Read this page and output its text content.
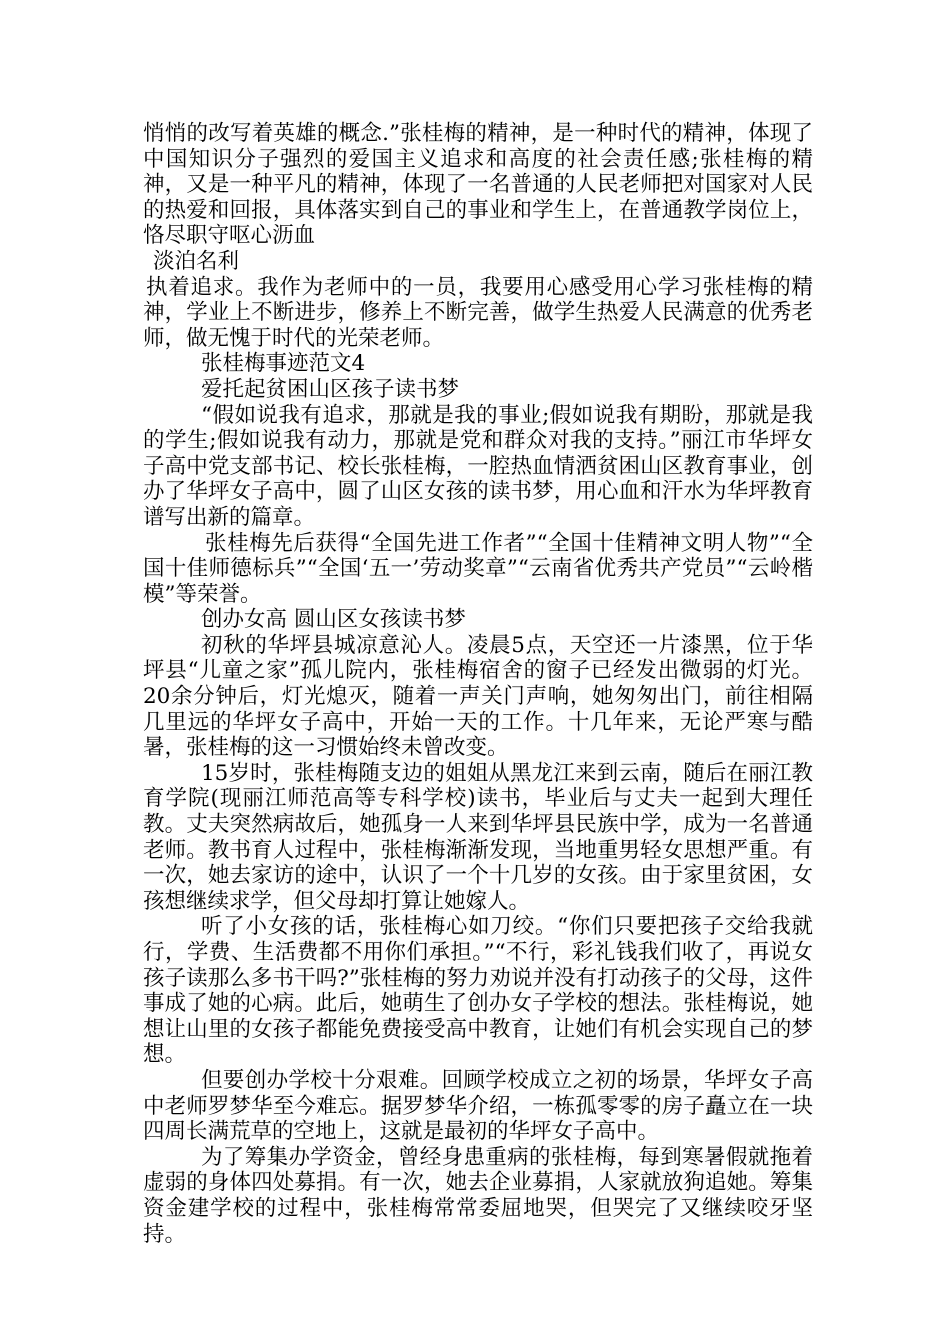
悄悄的改写着英雄的概念.”张桂梅的精神，是一种时代的精神，体现了中国知识分子强烈的爱国主义追求和高度的社会责任感;张桂梅的精神，又是一种平凡的精神，体现了一名普通的人民老师把对国家对人民的热爱和回报，具体落实到自己的事业和学生上，在普通教学岗位上，恪尽职守呕心沥血

淡泊名利

执着追求。我作为老师中的一员，我要用心感受用心学习张桂梅的精神，学业上不断进步，修养上不断完善，做学生热爱人民满意的优秀老师，做无愧于时代的光荣老师。

张桂梅事迹范文4

爱托起贫困山区孩子读书梦

“假如说我有追求，那就是我的事业;假如说我有期盼，那就是我的学生;假如说我有动力，那就是党和群众对我的支持。”丽江市华坪女子高中党支部书记、校长张桂梅，一腔热血情洒贫困山区教育事业，创办了华坪女子高中，圆了山区女孩的读书梦，用心血和汗水为华坪教育谱写出新的篇章。

张桂梅先后获得“全国先进工作者”“全国十佳精神文明人物”“全国十佳师德标兵”“全国‘五一’劳动奖章”“云南省优秀共产党员”“云岭楷模”等荣誉。

创办女高 圆山区女孩读书梦

初秋的华坪县城凉意沁人。凌晨5点，天空还一片漆黑，位于华坪县“儿童之家”孤儿院内，张桂梅宿舍的窗子已经发出微弱的灯光。20余分钟后，灯光熄灭，随着一声关门声响，她匆匆出门，前往相隔几里远的华坪女子高中，开始一天的工作。十几年来，无论严寒与酷暑，张桂梅的这一习惯始终未曾改变。

15岁时，张桂梅随支边的姐姐从黑龙江来到云南，随后在丽江教育学院(现丽江师范高等专科学校)读书，毕业后与丈夫一起到大理任教。丈夫突然病故后，她孤身一人来到华坪县民族中学，成为一名普通老师。教书育人过程中，张桂梅渐渐发现，当地重男轻女思想严重。有一次，她去家访的途中，认识了一个十几岁的女孩。由于家里贫困，女孩想继续求学，但父母却打算让她嫁人。

听了小女孩的话，张桂梅心如刀绞。“你们只要把孩子交给我就行，学费、生活费都不用你们承担。”“不行，彩礼钱我们收了，再说女孩子读那么多书干吗?”张桂梅的努力劝说并没有打动孩子的父母，这件事成了她的心病。此后，她萌生了创办女子学校的想法。张桂梅说，她想让山里的女孩子都能免费接受高中教育，让她们有机会实现自己的梦想。

但要创办学校十分艰难。回顾学校成立之初的场景，华坪女子高中老师罗梦华至今难忘。据罗梦华介绍，一栋孤零零的房子矗立在一块四周长满荒草的空地上，这就是最初的华坪女子高中。

为了筹集办学资金，曾经身患重病的张桂梅，每到寒暑假就拖着虚弱的身体四处募捐。有一次，她去企业募捐，人家就放狗追她。筹集资金建学校的过程中，张桂梅常常委屈地哭，但哭完了又继续咬牙坚持。
